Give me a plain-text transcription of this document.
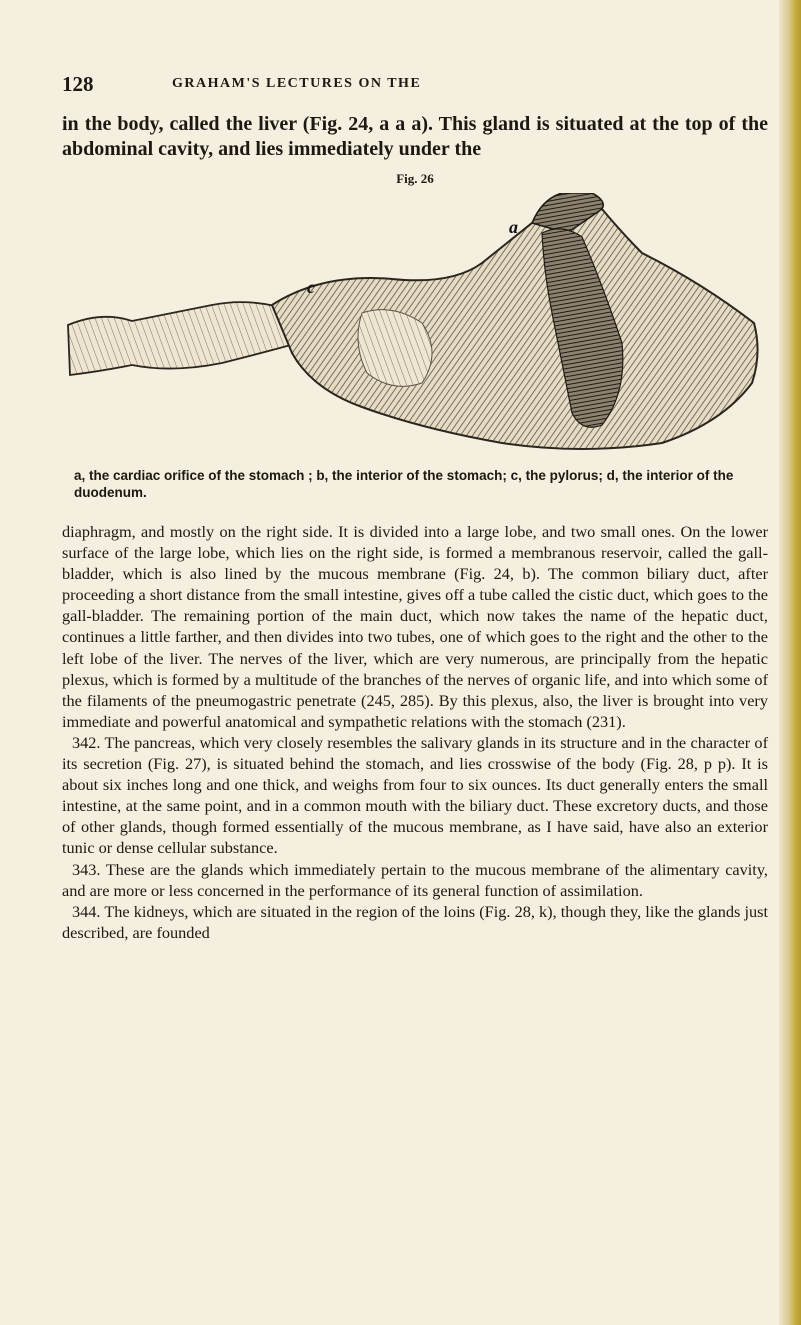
128	GRAHAM'S LECTURES ON THE
in the body, called the liver (Fig. 24, a a a). This gland is situated at the top of the abdominal cavity, and lies immediately under the
Fig. 26
a
c
a, the cardiac orifice of the stomach ; b, the interior of the stomach; c, the pylorus; d, the interior of the duodenum.

diaphragm, and mostly on the right side. It is divided into a large lobe, and two small ones. On the lower surface of the large lobe, which lies on the right side, is formed a membranous reservoir, called the gall-bladder, which is also lined by the mucous membrane (Fig. 24, b). The common biliary duct, after proceeding a short distance from the small intestine, gives off a tube called the cistic duct, which goes to the gall-bladder. The remaining portion of the main duct, which now takes the name of the hepatic duct, continues a little farther, and then divides into two tubes, one of which goes to the right and the other to the left lobe of the liver. The nerves of the liver, which are very numerous, are principally from the hepatic plexus, which is formed by a multitude of the branches of the nerves of organic life, and into which some of the filaments of the pneumogastric penetrate (245, 285). By this plexus, also, the liver is brought into very immediate and powerful anatomical and sympathetic relations with the stomach (231).

342. The pancreas, which very closely resembles the salivary glands in its structure and in the character of its secretion (Fig. 27), is situated behind the stomach, and lies crosswise of the body (Fig. 28, p p). It is about six inches long and one thick, and weighs from four to six ounces. Its duct generally enters the small intestine, at the same point, and in a common mouth with the biliary duct. These excretory ducts, and those of other glands, though formed essentially of the mucous membrane, as I have said, have also an exterior tunic or dense cellular substance.

343. These are the glands which immediately pertain to the mucous membrane of the alimentary cavity, and are more or less concerned in the performance of its general function of assimilation.

344. The kidneys, which are situated in the region of the loins (Fig. 28, k), though they, like the glands just described, are founded
